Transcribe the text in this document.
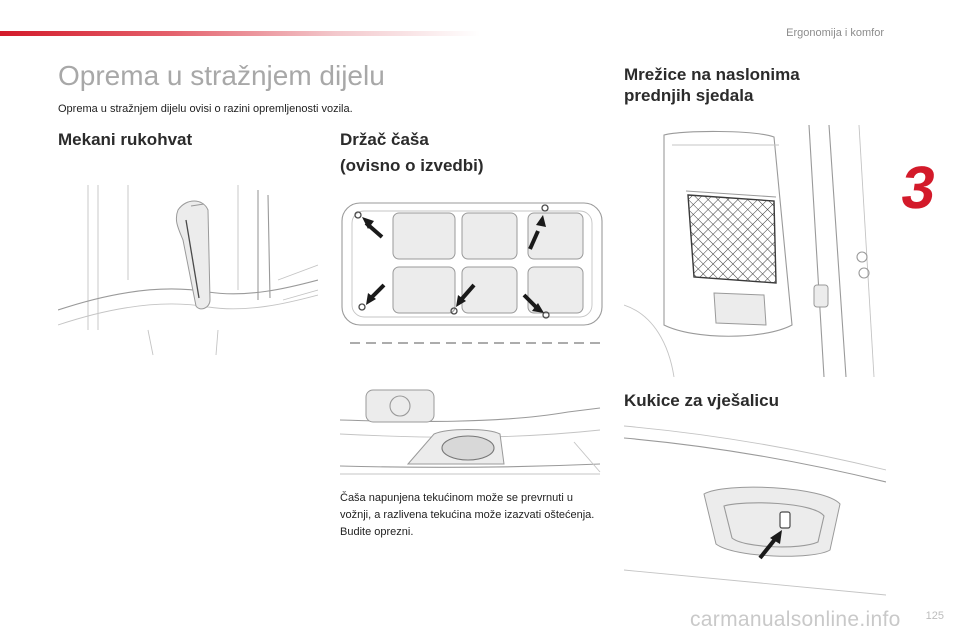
Ergonomija i komfor
3
Oprema u stražnjem dijelu
Oprema u stražnjem dijelu ovisi o razini opremljenosti vozila.
Mekani rukohvat	Držač čaša
(ovisno o izvedbi)
Čaša napunjena tekućinom može se prevrnuti u vožnji, a razlivena tekućina može izazvati oštećenja. Budite oprezni.
Mrežice na naslonima
prednjih sjedala
Kukice za vješalicu
125
carmanualsonline.info
